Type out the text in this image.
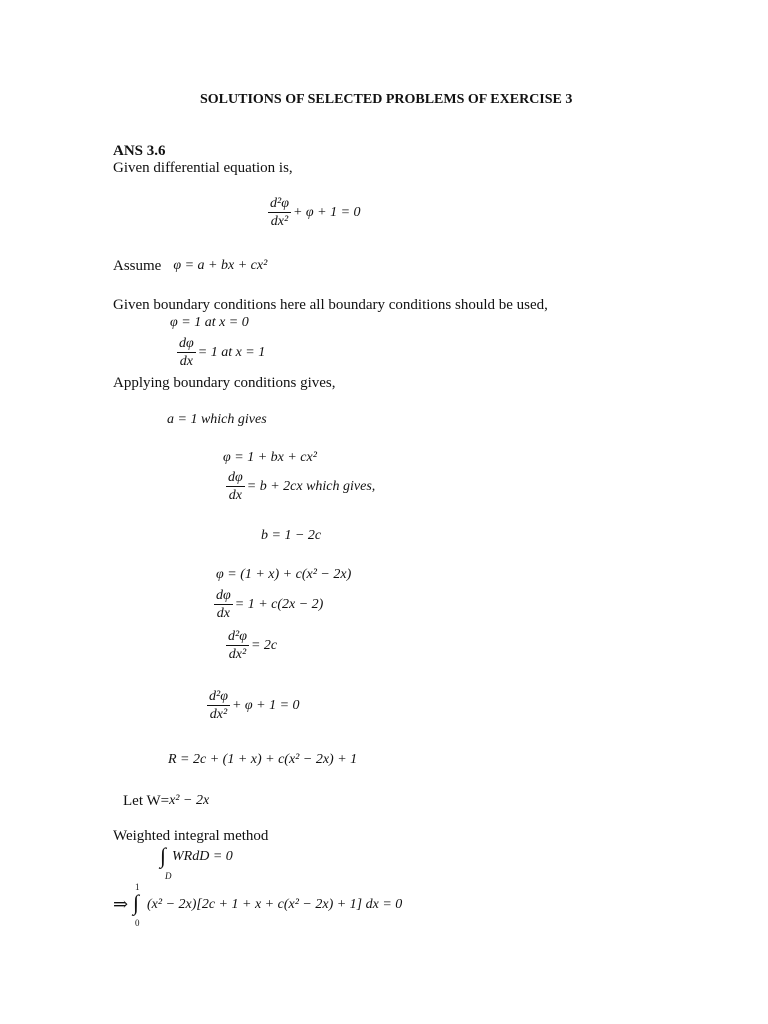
SOLUTIONS OF SELECTED PROBLEMS OF EXERCISE 3
ANS 3.6
Given differential equation is,
$\frac{\text{d²φ}}{\text{dx²}} + \varphi + 1 = 0$
Assume φ = a + bx + cx²
Given boundary conditions here all boundary conditions should be used,
φ = 1 at x = 0
$\frac{d\varphi}{dx} = 1$ at x = 1
Applying boundary conditions gives,
a = 1 which gives
φ = 1 + bx + cx²
$\frac{d\varphi}{dx} = b + 2cx$ which gives,
b = 1 − 2c
φ = (1 + x) + c(x² − 2x)
$\frac{d\varphi}{dx} = 1 + c(2x - 2)$
$\frac{\text{d²φ}}{\text{dx²}} = 2c$
$\frac{\text{d²φ}}{\text{dx²}} + \varphi + 1 = 0$
R = 2c + (1 + x) + c(x² − 2x) + 1
Let W= x² − 2x
Weighted integral method
∫ WRdD = 0
D
⇒
1
∫
0
(x² − 2x)[2c + 1 + x + c(x² − 2x) + 1] dx = 0
